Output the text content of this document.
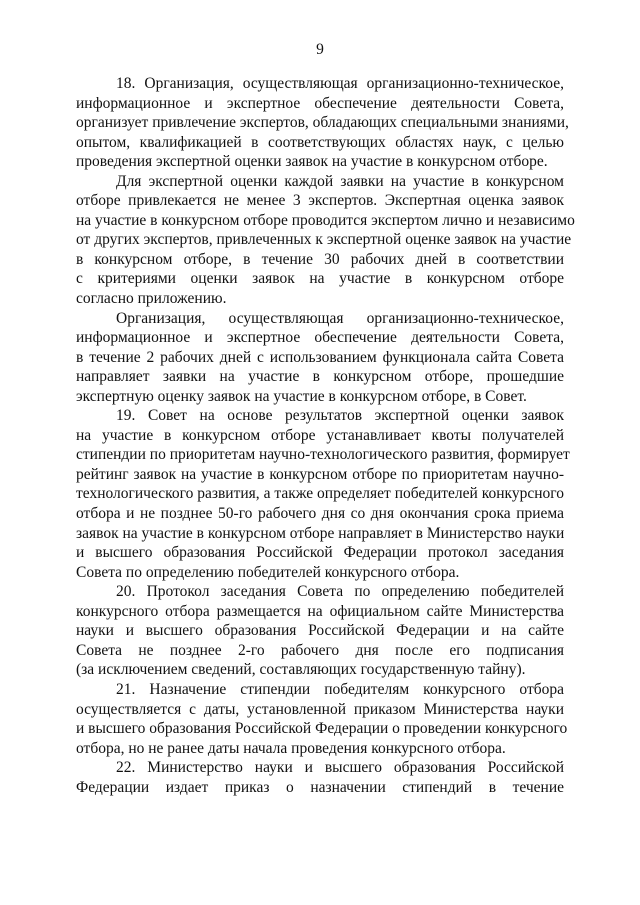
9

18. Организация, осуществляющая организационно-техническое,
информационное и экспертное обеспечение деятельности Совета,
организует привлечение экспертов, обладающих специальными знаниями,
опытом, квалификацией в соответствующих областях наук, с целью
проведения экспертной оценки заявок на участие в конкурсном отборе.

Для экспертной оценки каждой заявки на участие в конкурсном
отборе привлекается не менее 3 экспертов. Экспертная оценка заявок
на участие в конкурсном отборе проводится экспертом лично и независимо
от других экспертов, привлеченных к экспертной оценке заявок на участие
в конкурсном отборе, в течение 30 рабочих дней в соответствии
с критериями оценки заявок на участие в конкурсном отборе
согласно приложению.

Организация, осуществляющая организационно-техническое,
информационное и экспертное обеспечение деятельности Совета,
в течение 2 рабочих дней с использованием функционала сайта Совета
направляет заявки на участие в конкурсном отборе, прошедшие
экспертную оценку заявок на участие в конкурсном отборе, в Совет.

19. Совет на основе результатов экспертной оценки заявок
на участие в конкурсном отборе устанавливает квоты получателей
стипендии по приоритетам научно-технологического развития, формирует
рейтинг заявок на участие в конкурсном отборе по приоритетам научно-
технологического развития, а также определяет победителей конкурсного
отбора и не позднее 50-го рабочего дня со дня окончания срока приема
заявок на участие в конкурсном отборе направляет в Министерство науки
и высшего образования Российской Федерации протокол заседания
Совета по определению победителей конкурсного отбора.

20. Протокол заседания Совета по определению победителей
конкурсного отбора размещается на официальном сайте Министерства
науки и высшего образования Российской Федерации и на сайте
Совета не позднее 2-го рабочего дня после его подписания
(за исключением сведений, составляющих государственную тайну).

21. Назначение стипендии победителям конкурсного отбора
осуществляется с даты, установленной приказом Министерства науки
и высшего образования Российской Федерации о проведении конкурсного
отбора, но не ранее даты начала проведения конкурсного отбора.

22. Министерство науки и высшего образования Российской
Федерации издает приказ о назначении стипендий в течение
